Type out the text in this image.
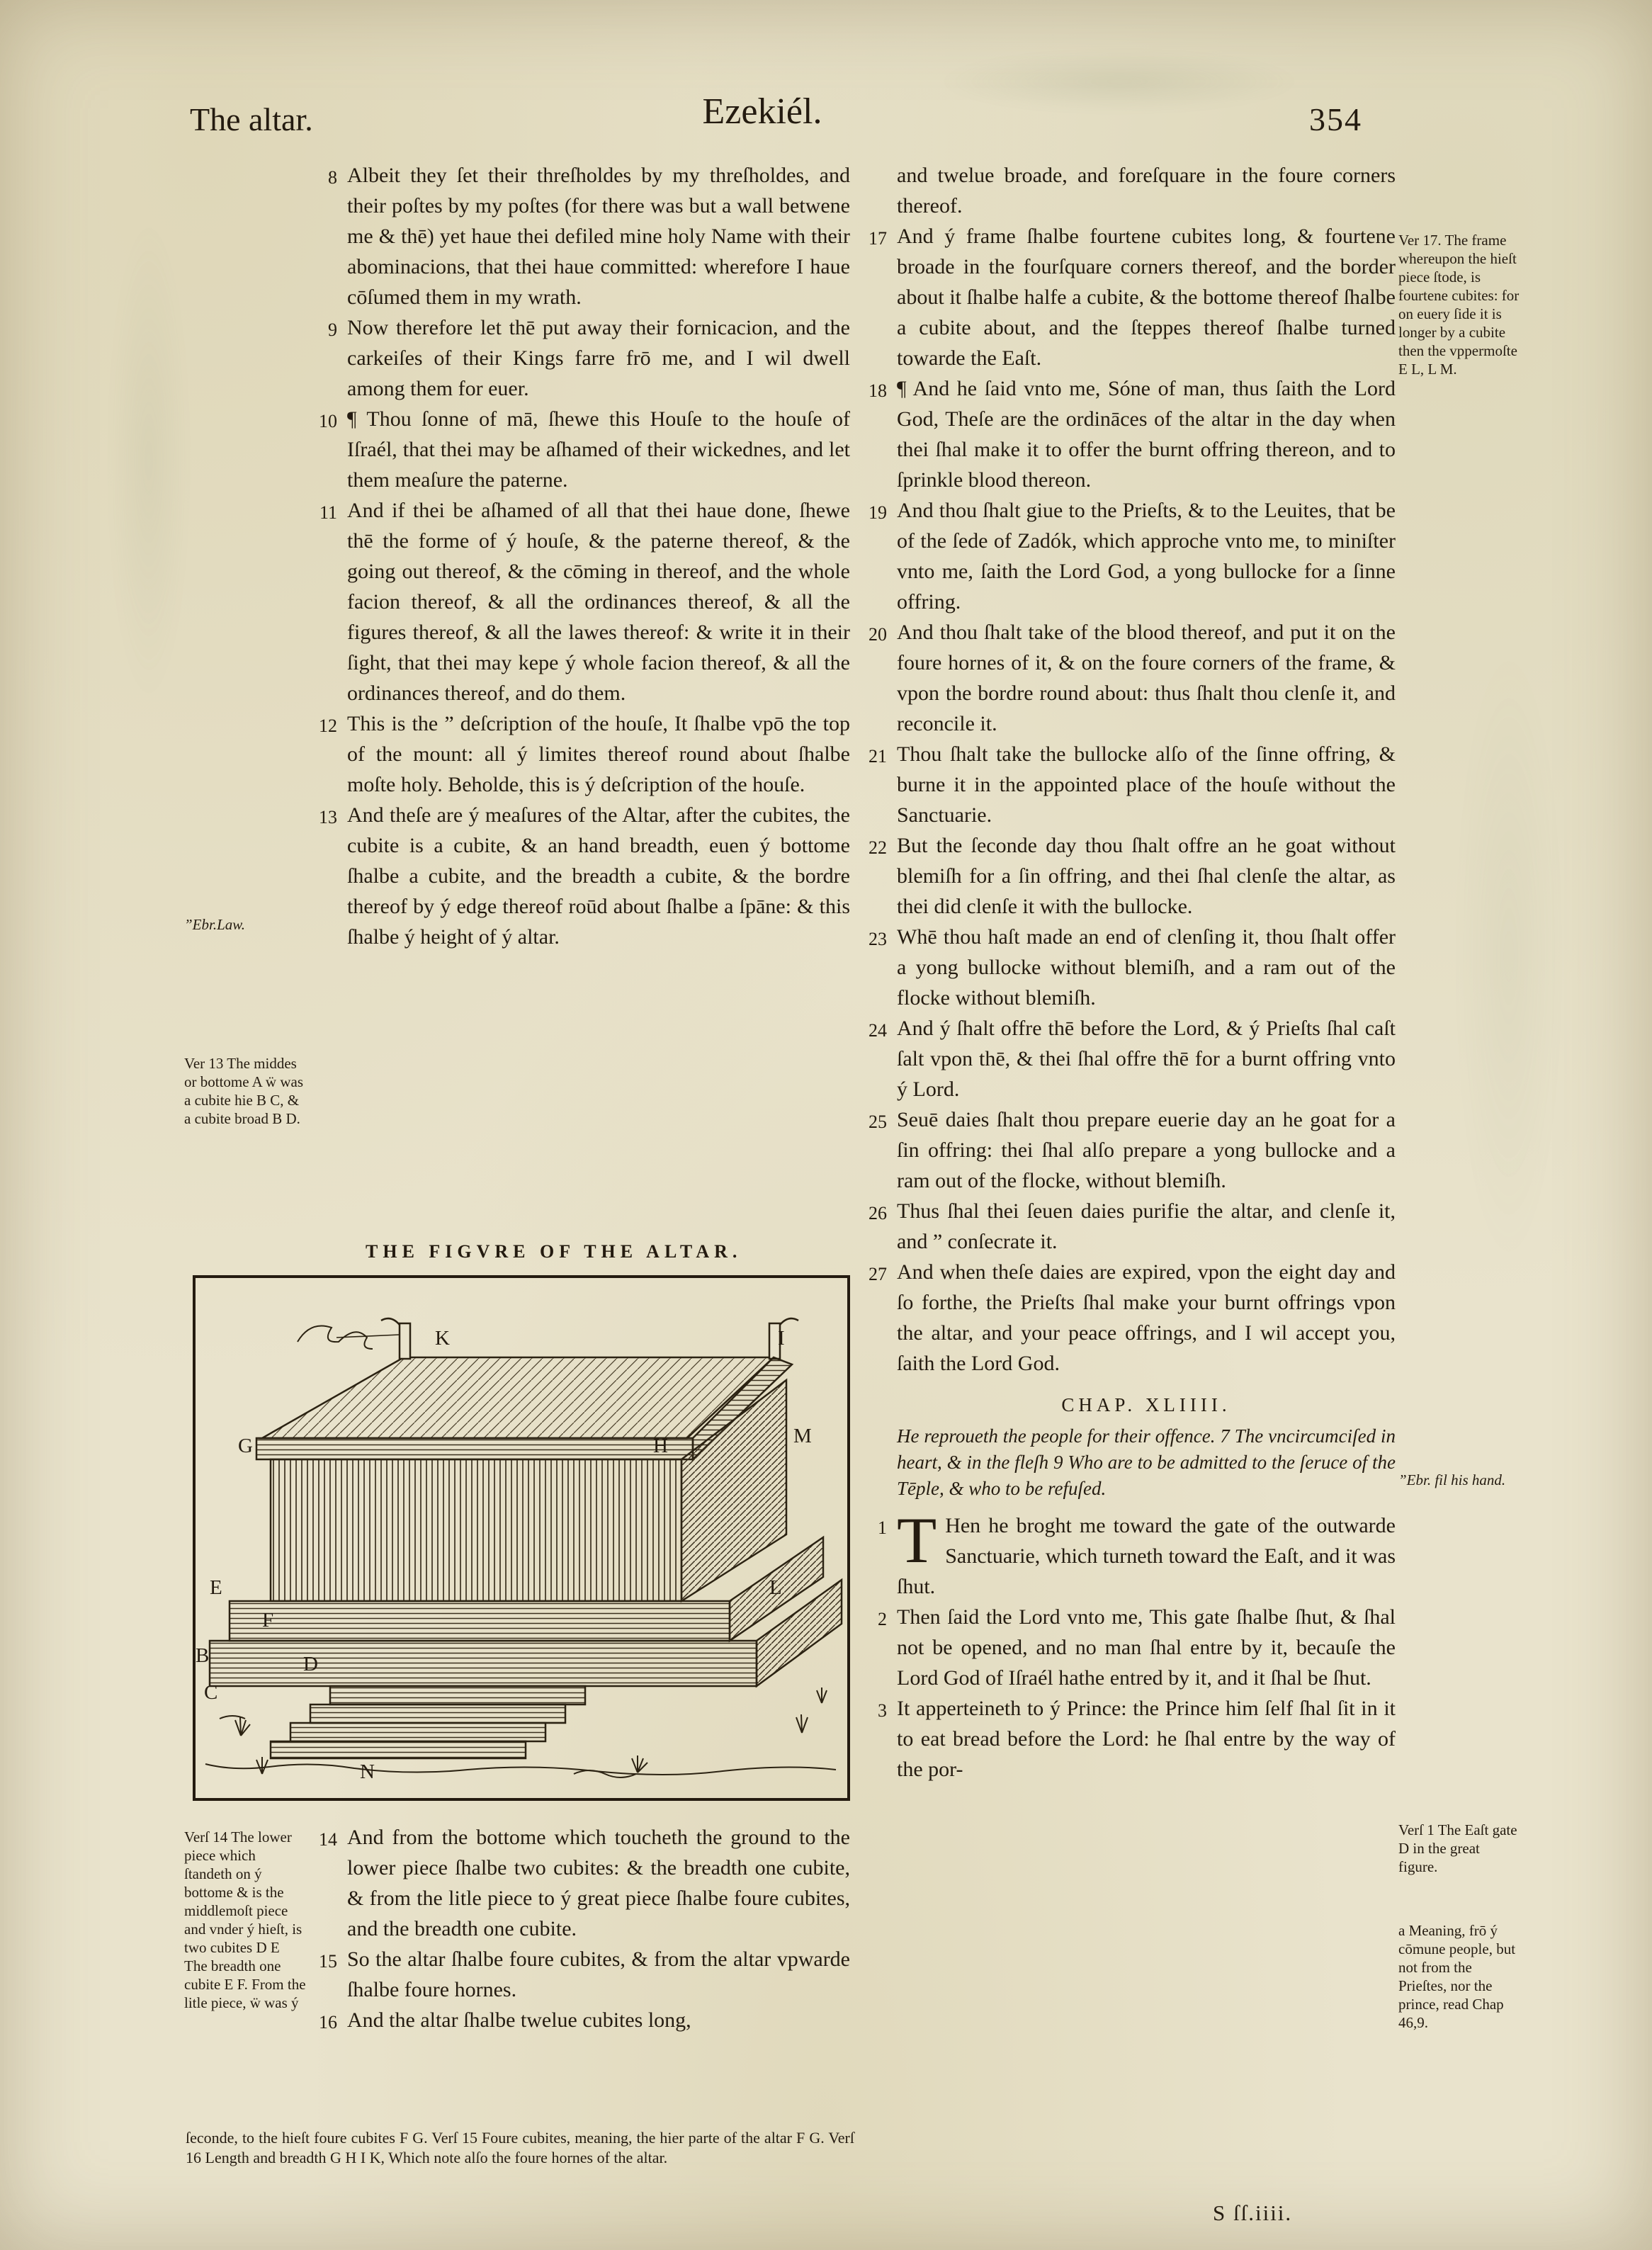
The altar.	Ezekiél.	354
8 Albeit they ſet their threſholdes by my threſholdes, and their poſtes by my poſtes (for there was but a wall betwene me & thē) yet haue thei defiled mine holy Name with their abominacions, that thei haue committed: wherefore I haue cōſumed them in my wrath.
9 Now therefore let thē put away their fornicacion, and the carkeiſes of their Kings farre frō me, and I wil dwell among them for euer.
10 ¶ Thou ſonne of mā, ſhewe this Houſe to the houſe of Iſraél, that thei may be aſhamed of their wickednes, and let them meaſure the paterne.
11 And if thei be aſhamed of all that thei haue done, ſhewe thē the forme of ý houſe, & the paterne thereof, & the going out thereof, & the cōming in thereof, and the whole facion thereof, & all the ordinances thereof, & all the figures thereof, & all the lawes thereof: & write it in their ſight, that thei may kepe ý whole facion thereof, & all the ordinances thereof, and do them.
12 This is the ” deſcription of the houſe, It ſhalbe vpō the top of the mount: all ý limites thereof round about ſhalbe moſte holy. Beholde, this is ý deſcription of the houſe.
13 And theſe are ý meaſures of the Altar, after the cubites, the cubite is a cubite, & an hand breadth, euen ý bottome ſhalbe a cubite, and the breadth a cubite, & the bordre thereof by ý edge thereof roūd about ſhalbe a ſpāne: & this ſhalbe ý height of ý altar.
”Ebr.Law.
Ver 13 The middes or bottome A ẅ was a cubite hie B C, & a cubite broad B D.
Verſ 14 The lower piece which ſtandeth on ý bottome & is the middlemoſt piece and vnder ý hieſt, is two cubites D E The breadth one cubite E F. From the litle piece, ẅ was ý
THE FIGVRE OF THE ALTAR.
K	I
G	H	M
E	L
F
D
B
C
N
14 And from the bottome which toucheth the ground to the lower piece ſhalbe two cubites: & the breadth one cubite, & from the litle piece to ý great piece ſhalbe foure cubites, and the breadth one cubite.
15 So the altar ſhalbe foure cubites, & from the altar vpwarde ſhalbe foure hornes.
16 And the altar ſhalbe twelue cubites long,
ſeconde, to the hieſt foure cubites F G. Verſ 15 Foure cubites, meaning, the hier parte of the altar F G. Verſ 16 Length and breadth G H I K, Which note alſo the foure hornes of the altar.

and twelue broade, and foreſquare in the foure corners thereof.

17 And ý frame ſhalbe fourtene cubites long, & fourtene broade in the fourſquare corners thereof, and the border about it ſhalbe halfe a cubite, & the bottome thereof ſhalbe a cubite about, and the ſteppes thereof ſhalbe turned towarde the Eaſt.
18 ¶ And he ſaid vnto me, Sóne of man, thus ſaith the Lord God, Theſe are the ordināces of the altar in the day when thei ſhal make it to offer the burnt offring thereon, and to ſprinkle blood thereon.
19 And thou ſhalt giue to the Prieſts, & to the Leuites, that be of the ſede of Zadók, which approche vnto me, to miniſter vnto me, ſaith the Lord God, a yong bullocke for a ſinne offring.
20 And thou ſhalt take of the blood thereof, and put it on the foure hornes of it, & on the foure corners of the frame, & vpon the bordre round about: thus ſhalt thou clenſe it, and reconcile it.
21 Thou ſhalt take the bullocke alſo of the ſinne offring, & burne it in the appointed place of the houſe without the Sanctuarie.
22 But the ſeconde day thou ſhalt offre an he goat without blemiſh for a ſin offring, and thei ſhal clenſe the altar, as thei did clenſe it with the bullocke.
23 Whē thou haſt made an end of clenſing it, thou ſhalt offer a yong bullocke without blemiſh, and a ram out of the flocke without blemiſh.
24 And ý ſhalt offre thē before the Lord, & ý Prieſts ſhal caſt ſalt vpon thē, & thei ſhal offre thē for a burnt offring vnto ý Lord.
25 Seuē daies ſhalt thou prepare euerie day an he goat for a ſin offring: thei ſhal alſo prepare a yong bullocke and a ram out of the flocke, without blemiſh.
26 Thus ſhal thei ſeuen daies purifie the altar, and clenſe it, and ” conſecrate it.
27 And when theſe daies are expired, vpon the eight day and ſo forthe, the Prieſts ſhal make your burnt offrings vpon the altar, and your peace offrings, and I wil accept you, ſaith the Lord God.
CHAP. XLIIII.
He reproueth the people for their offence. 7 The vncircumciſed in heart, & in the fleſh 9 Who are to be admitted to the ſeruce of the Tēple, & who to be refuſed.
1 T Hen he broght me toward the gate of the outwarde Sanctuarie, which turneth toward the Eaſt, and it was ſhut.
2 Then ſaid the Lord vnto me, This gate ſhalbe ſhut, & ſhal not be opened, and no man ſhal entre by it, becauſe the Lord God of Iſraél hathe entred by it, and it ſhal be ſhut.
3 It apperteineth to ý Prince: the Prince him ſelf ſhal ſit in it to eat bread before the Lord: he ſhal entre by the way of the por-
Ver 17. The frame whereupon the hieſt piece ſtode, is fourtene cubites: for on euery ſide it is longer by a cubite then the vppermoſte E L, L M.
”Ebr. fil his hand.
Verſ 1 The Eaſt gate D in the great figure.
a Meaning, frō ý cōmune people, but not from the Prieſtes, nor the prince, read Chap 46,9.
S ſſ.iiii.
